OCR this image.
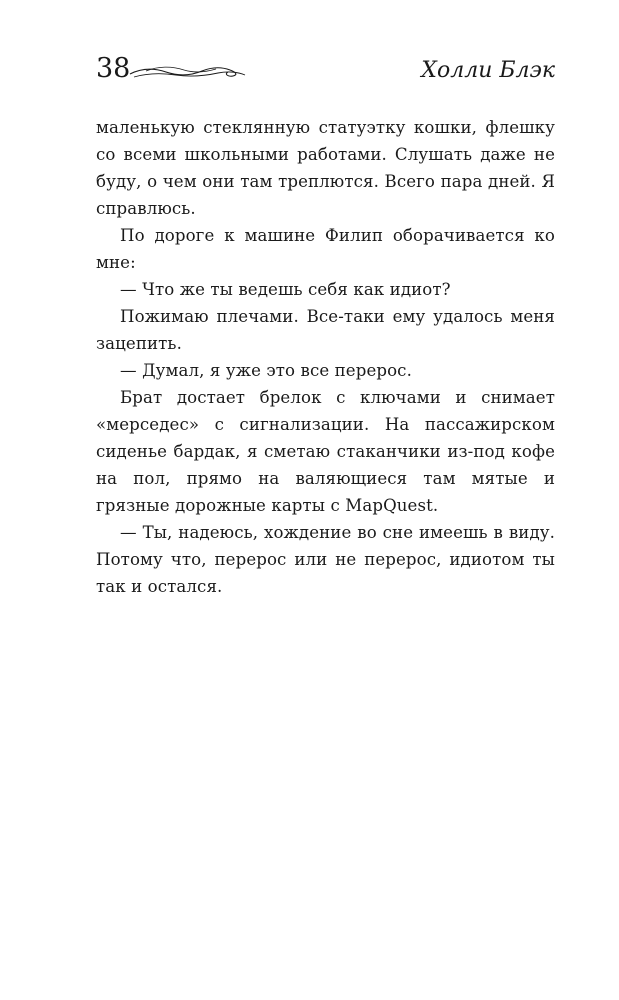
38	Холли Блэк

маленькую стеклянную статуэтку кошки, флешку со всеми школьными работами. Слушать даже не буду, о чем они там треплются. Всего пара дней. Я справлюсь.

По дороге к машине Филип оборачивается ко мне:

— Что же ты ведешь себя как идиот?

Пожимаю плечами. Все-таки ему удалось меня зацепить.

— Думал, я уже это все перерос.

Брат достает брелок с ключами и снимает «мерседес» с сигнализации. На пассажирском сиденье бардак, я сметаю стаканчики из-под кофе на пол, прямо на валяющиеся там мятые и грязные дорожные карты с MapQuest.

— Ты, надеюсь, хождение во сне имеешь в виду. Потому что, перерос или не перерос, идиотом ты так и остался.
